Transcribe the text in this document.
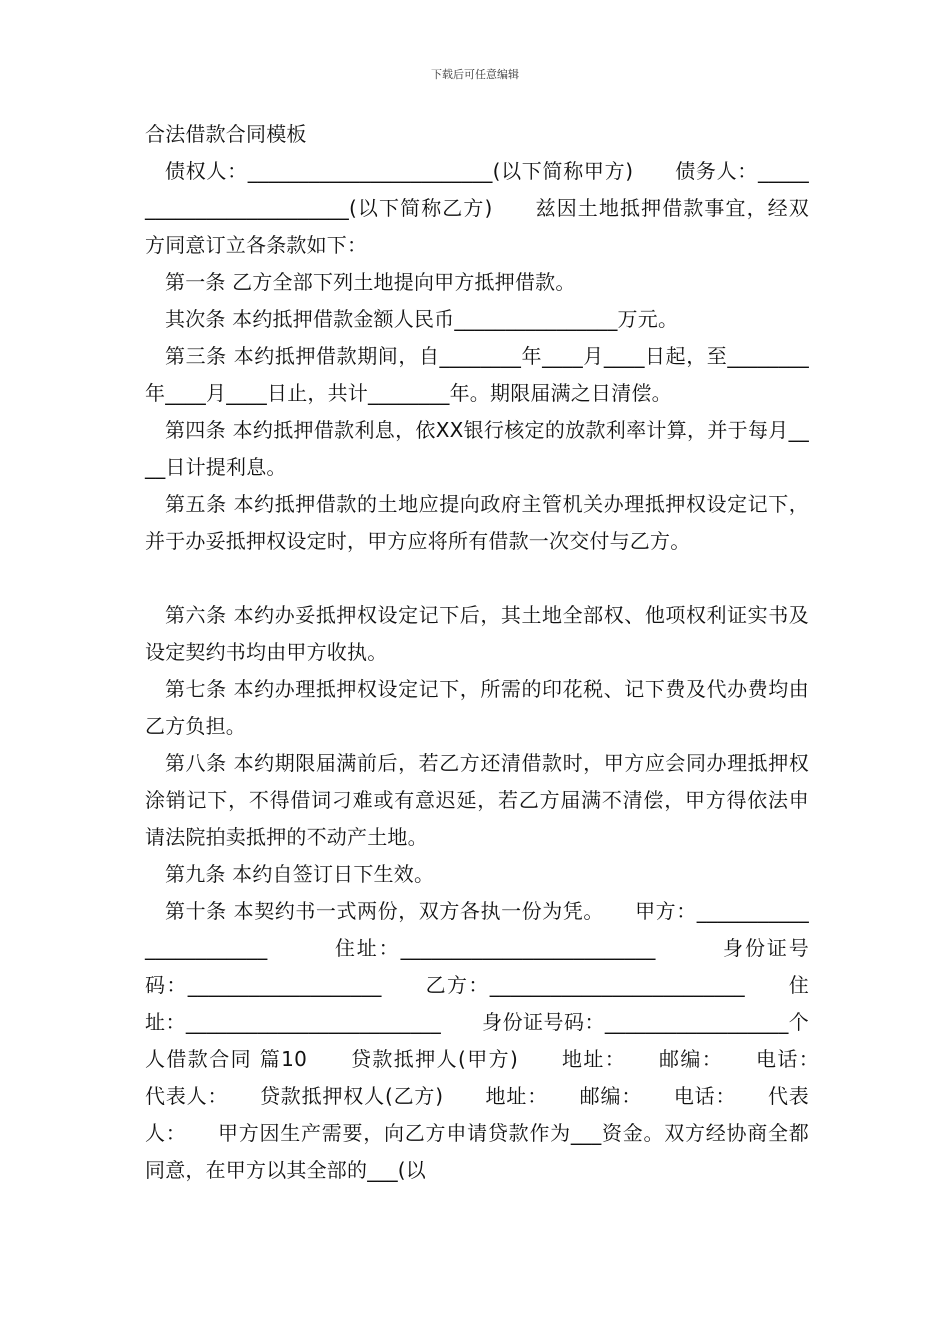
下载后可任意编辑

合法借款合同模板

债权人：________________________(以下简称甲方)　　债务人：_________________________(以下简称乙方)　　兹因土地抵押借款事宜，经双方同意订立各条款如下：

第一条 乙方全部下列土地提向甲方抵押借款。

其次条 本约抵押借款金额人民币________________万元。

第三条 本约抵押借款期间，自________年____月____日起，至________年____月____日止，共计________年。期限届满之日清偿。

第四条 本约抵押借款利息，依XX银行核定的放款利率计算，并于每月____日计提利息。

第五条 本约抵押借款的土地应提向政府主管机关办理抵押权设定记下，并于办妥抵押权设定时，甲方应将所有借款一次交付与乙方。

第六条 本约办妥抵押权设定记下后，其土地全部权、他项权利证实书及设定契约书均由甲方收执。

第七条 本约办理抵押权设定记下，所需的印花税、记下费及代办费均由乙方负担。

第八条 本约期限届满前后，若乙方还清借款时，甲方应会同办理抵押权涂销记下，不得借词刁难或有意迟延，若乙方届满不清偿，甲方得依法申请法院拍卖抵押的不动产土地。

第九条 本约自签订日下生效。

第十条 本契约书一式两份，双方各执一份为凭。　　甲方：_______________________　　　住址：_________________________　　　身份证号码：___________________　　乙方：_________________________　　住址：_________________________　　身份证号码：__________________个人借款合同 篇10　　贷款抵押人(甲方)　　地址：　　邮编：　　电话：　　代表人：　　贷款抵押权人(乙方)　　地址：　　邮编：　　电话：　　代表人：　　甲方因生产需要，向乙方申请贷款作为___资金。双方经协商全都同意，在甲方以其全部的___(以
